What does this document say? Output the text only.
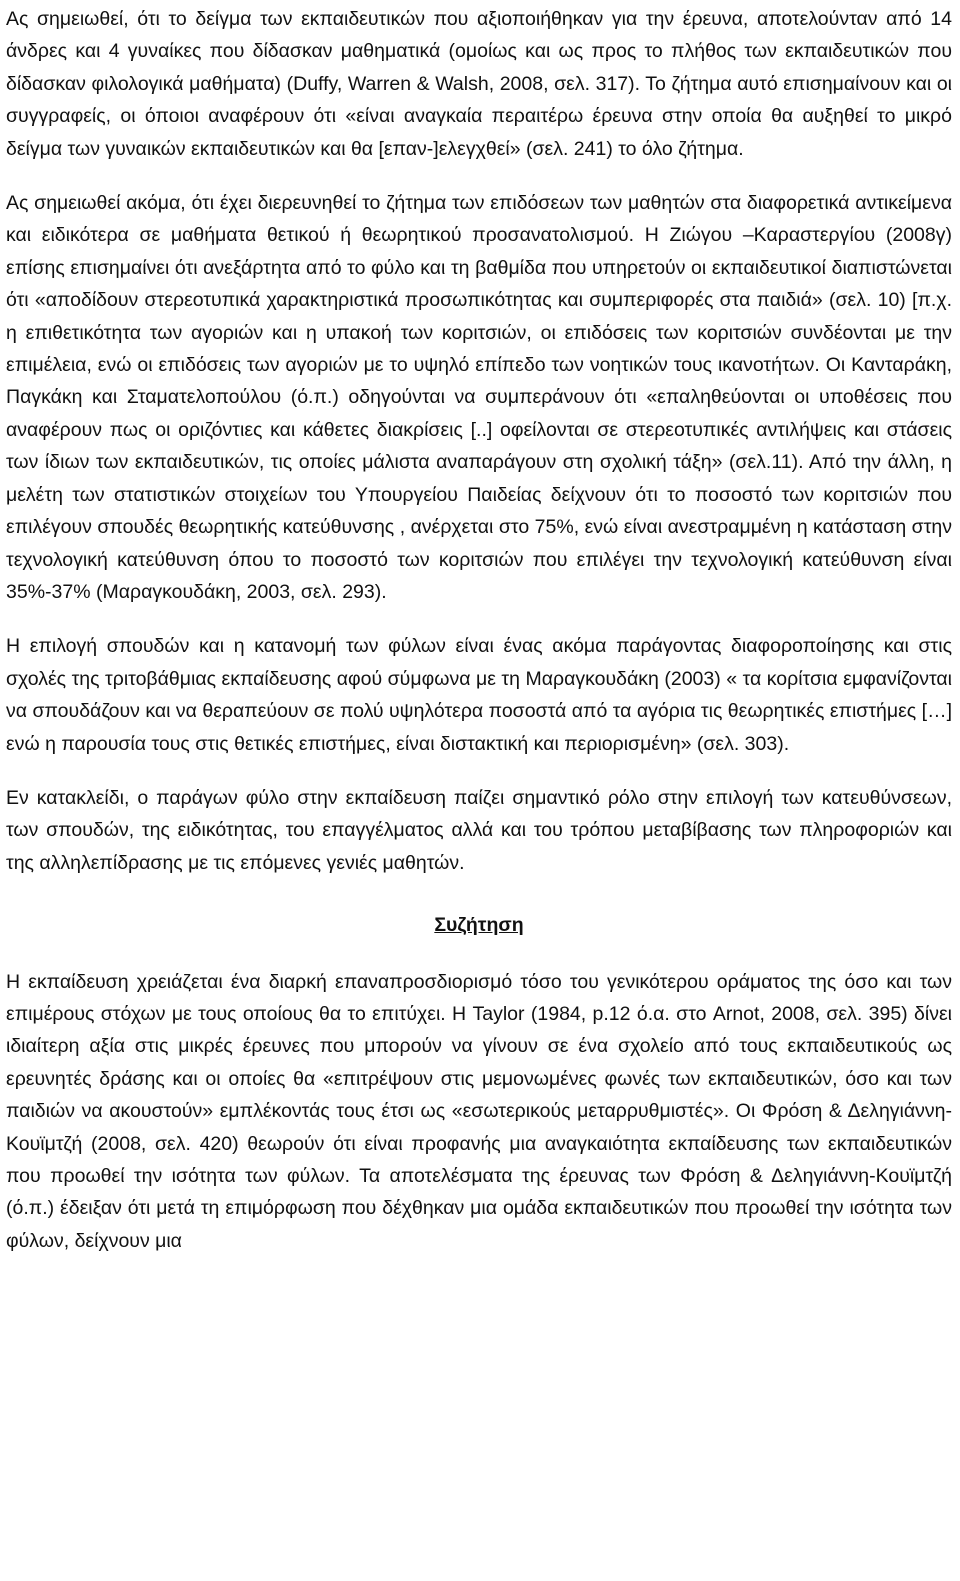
Ας σημειωθεί, ότι το δείγμα των εκπαιδευτικών που αξιοποιήθηκαν για την έρευνα, αποτελούνταν από 14 άνδρες και 4 γυναίκες που δίδασκαν μαθηματικά (ομοίως και ως προς το πλήθος των εκπαιδευτικών που δίδασκαν φιλολογικά μαθήματα) (Duffy, Warren & Walsh, 2008, σελ. 317). Το ζήτημα αυτό επισημαίνουν και οι συγγραφείς, οι όποιοι αναφέρουν ότι «είναι αναγκαία περαιτέρω έρευνα στην οποία θα αυξηθεί το μικρό δείγμα των γυναικών εκπαιδευτικών και θα [επαν-]ελεγχθεί» (σελ. 241) το όλο ζήτημα.

Ας σημειωθεί ακόμα, ότι έχει διερευνηθεί το ζήτημα των επιδόσεων των μαθητών στα διαφορετικά αντικείμενα και ειδικότερα σε μαθήματα θετικού ή θεωρητικού προσανατολισμού. Η Ζιώγου –Καραστεργίου (2008γ) επίσης επισημαίνει ότι ανεξάρτητα από το φύλο και τη βαθμίδα που υπηρετούν οι εκπαιδευτικοί διαπιστώνεται ότι «αποδίδουν στερεοτυπικά χαρακτηριστικά προσωπικότητας και συμπεριφορές στα παιδιά» (σελ. 10) [π.χ. η επιθετικότητα των αγοριών και η υπακοή των κοριτσιών, οι επιδόσεις των κοριτσιών συνδέονται με την επιμέλεια, ενώ οι επιδόσεις των αγοριών με το υψηλό επίπεδο των νοητικών τους ικανοτήτων. Οι Κανταράκη, Παγκάκη και Σταματελοπούλου (ό.π.) οδηγούνται να συμπεράνουν ότι «επαληθεύονται οι υποθέσεις που αναφέρουν πως οι οριζόντιες και κάθετες διακρίσεις [..] οφείλονται σε στερεοτυπικές αντιλήψεις και στάσεις των ίδιων των εκπαιδευτικών, τις οποίες μάλιστα αναπαράγουν στη σχολική τάξη» (σελ.11). Από την άλλη, η μελέτη των στατιστικών στοιχείων του Υπουργείου Παιδείας δείχνουν ότι το ποσοστό των κοριτσιών που επιλέγουν σπουδές θεωρητικής κατεύθυνσης , ανέρχεται στο 75%, ενώ είναι ανεστραμμένη η κατάσταση στην τεχνολογική κατεύθυνση όπου το ποσοστό των κοριτσιών που επιλέγει την τεχνολογική κατεύθυνση είναι 35%-37% (Μαραγκουδάκη, 2003, σελ. 293).

Η επιλογή σπουδών και η κατανομή των φύλων είναι ένας ακόμα παράγοντας διαφοροποίησης και στις σχολές της τριτοβάθμιας εκπαίδευσης αφού σύμφωνα με τη Μαραγκουδάκη (2003) « τα κορίτσια εμφανίζονται να σπουδάζουν και να θεραπεύουν σε πολύ υψηλότερα ποσοστά από τα αγόρια τις θεωρητικές επιστήμες […] ενώ η παρουσία τους στις θετικές επιστήμες, είναι διστακτική και περιορισμένη» (σελ. 303).

Εν κατακλείδι, ο παράγων φύλο στην εκπαίδευση παίζει σημαντικό ρόλο στην επιλογή των κατευθύνσεων, των σπουδών, της ειδικότητας, του επαγγέλματος αλλά και του τρόπου μεταβίβασης των πληροφοριών και της αλληλεπίδρασης με τις επόμενες γενιές μαθητών.

Συζήτηση

Η εκπαίδευση χρειάζεται ένα διαρκή επαναπροσδιορισμό τόσο του γενικότερου οράματος της όσο και των επιμέρους στόχων με τους οποίους θα το επιτύχει. Η Taylor (1984, p.12 ό.α. στο Arnot, 2008, σελ. 395) δίνει ιδιαίτερη αξία στις μικρές έρευνες που μπορούν να γίνουν σε ένα σχολείο από τους εκπαιδευτικούς ως ερευνητές δράσης και οι οποίες θα «επιτρέψουν στις μεμονωμένες φωνές των εκπαιδευτικών, όσο και των παιδιών να ακουστούν» εμπλέκοντάς τους έτσι ως «εσωτερικούς μεταρρυθμιστές». Οι Φρόση & Δεληγιάννη-Κουϊμτζή (2008, σελ. 420) θεωρούν ότι είναι προφανής μια αναγκαιότητα εκπαίδευσης των εκπαιδευτικών που προωθεί την ισότητα των φύλων. Τα αποτελέσματα της έρευνας των Φρόση & Δεληγιάννη-Κουϊμτζή (ό.π.) έδειξαν ότι μετά τη επιμόρφωση που δέχθηκαν μια ομάδα εκπαιδευτικών που προωθεί την ισότητα των φύλων, δείχνουν μια
